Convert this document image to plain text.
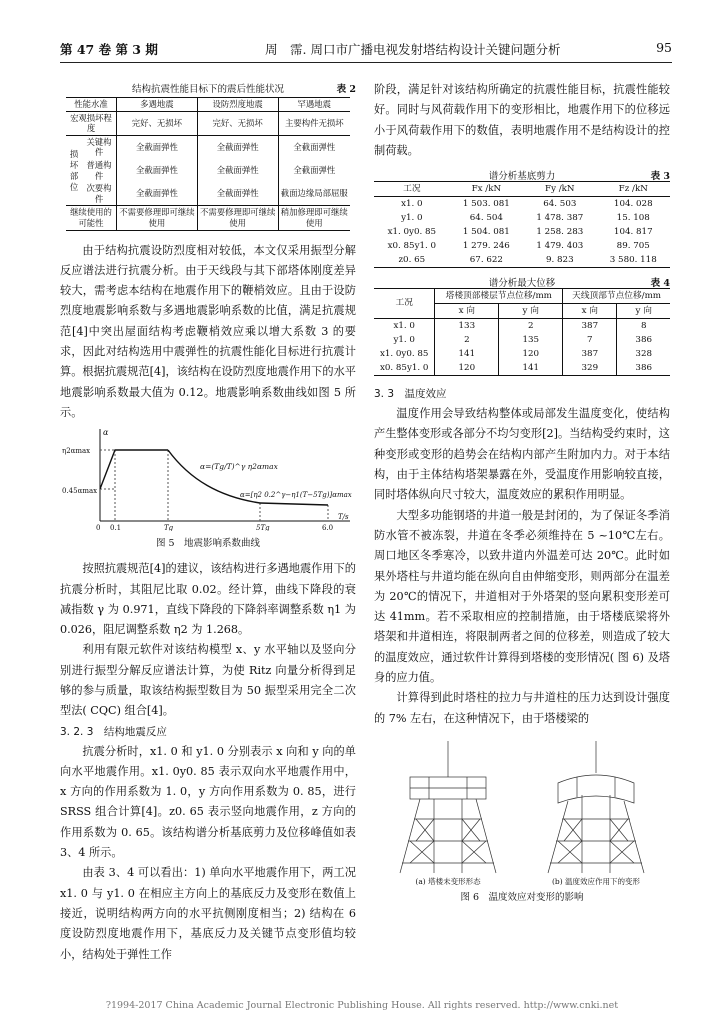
第 47 卷 第 3 期	周　霈. 周口市广播电视发射塔结构设计关键问题分析	95
结构抗震性能目标下的震后性能状况	表 2
性能水准		多遇地震	设防烈度地震	罕遇地震
宏观损坏程度		完好、无损坏	完好、无损坏	主要构件无损坏
损坏部位	关键构件	全截面弹性	全截面弹性	全截面弹性
	普通构件	全截面弹性	全截面弹性	全截面弹性
	次要构件	全截面弹性	全截面弹性	截面边缘局部屈服
继续使用的可能性		不需要修理即可继续使用	不需要修理即可继续使用	稍加修理即可继续使用

由于结构抗震设防烈度相对较低，本文仅采用振型分解反应谱法进行抗震分析。由于天线段与其下部塔体刚度差异较大，需考虑本结构在地震作用下的鞭梢效应。且由于设防烈度地震影响系数与多遇地震影响系数的比值，满足抗震规范[4]中突出屋面结构考虑鞭梢效应乘以增大系数 3 的要求，因此对结构选用中震弹性的抗震性能化目标进行抗震计算。根据抗震规范[4]，该结构在设防烈度地震作用下的水平地震影响系数最大值为 0.12。地震影响系数曲线如图 5 所示。

α
η2αmax
0.45αmax
0 0.1	Tg	5Tg	6.0
α=(Tg/T)^γ η2αmax
α=[η2 0.2^γ−η1(T−5Tg)]αmax
T/s
图 5　地震影响系数曲线

按照抗震规范[4]的建议，该结构进行多遇地震作用下的抗震分析时，其阻尼比取 0.02。经计算，曲线下降段的衰减指数 γ 为 0.971，直线下降段的下降斜率调整系数 η1 为 0.026，阻尼调整系数 η2 为 1.268。

利用有限元软件对该结构模型 x、y 水平轴以及竖向分别进行振型分解反应谱法计算，为使 Ritz 向量分析得到足够的参与质量，取该结构振型数目为 50 振型采用完全二次型法( CQC) 组合[4]。

3. 2. 3　结构地震反应

抗震分析时，x1. 0 和 y1. 0 分别表示 x 向和 y 向的单向水平地震作用。x1. 0y0. 85 表示双向水平地震作用中，x 方向的作用系数为 1. 0，y 方向作用系数为 0. 85，进行 SRSS 组合计算[4]。z0. 65 表示竖向地震作用，z 方向的作用系数为 0. 65。该结构谱分析基底剪力及位移峰值如表 3、4 所示。

由表 3、4 可以看出：1) 单向水平地震作用下，两工况 x1. 0 与 y1. 0 在相应主方向上的基底反力及变形在数值上接近，说明结构两方向的水平抗侧刚度相当；2) 结构在 6 度设防烈度地震作用下，基底反力及关键节点变形值均较小，结构处于弹性工作

阶段，满足针对该结构所确定的抗震性能目标，抗震性能较好。同时与风荷载作用下的变形相比，地震作用下的位移远小于风荷载作用下的数值，表明地震作用不是结构设计的控制荷载。

谱分析基底剪力	表 3
工况	Fx /kN	Fy /kN	Fz /kN
x1. 0	1 503. 081	64. 503	104. 028
y1. 0	64. 504	1 478. 387	15. 108
x1. 0y0. 85	1 504. 081	1 258. 283	104. 817
x0. 85y1. 0	1 279. 246	1 479. 403	89. 705
z0. 65	67. 622	9. 823	3 580. 118
谱分析最大位移	表 4
工况	塔楼顶部楼层节点位移/mm		天线顶部节点位移/mm	
	x 向	y 向	x 向	y 向
x1. 0	133	2	387	8
y1. 0	2	135	7	386
x1. 0y0. 85	141	120	387	328
x0. 85y1. 0	120	141	329	386
3. 3　温度效应

温度作用会导致结构整体或局部发生温度变化，使结构产生整体变形或各部分不均匀变形[2]。当结构受约束时，这种变形或变形的趋势会在结构内部产生附加内力。对于本结构，由于主体结构塔架暴露在外，受温度作用影响较直接，同时塔体纵向尺寸较大，温度效应的累积作用明显。

大型多功能钢塔的井道一般是封闭的，为了保证冬季消防水管不被冻裂，井道在冬季必须维持在 5 ~10℃左右。周口地区冬季寒冷，以致井道内外温差可达 20℃。此时如果外塔柱与井道均能在纵向自由伸缩变形，则两部分在温差为 20℃的情况下，井道相对于外塔架的竖向累积变形差可达 41mm。若不采取相应的控制措施，由于塔楼底梁将外塔架和井道相连，将限制两者之间的位移差，则造成了较大的温度效应，通过软件计算得到塔楼的变形情况( 图 6) 及塔身的应力值。

计算得到此时塔柱的拉力与井道柱的压力达到设计强度的 7% 左右，在这种情况下，由于塔楼梁的

(a) 塔楼未变形形态	(b) 温度效应作用下的变形
图 6　温度效应对变形的影响
?1994-2017 China Academic Journal Electronic Publishing House. All rights reserved. http://www.cnki.net
